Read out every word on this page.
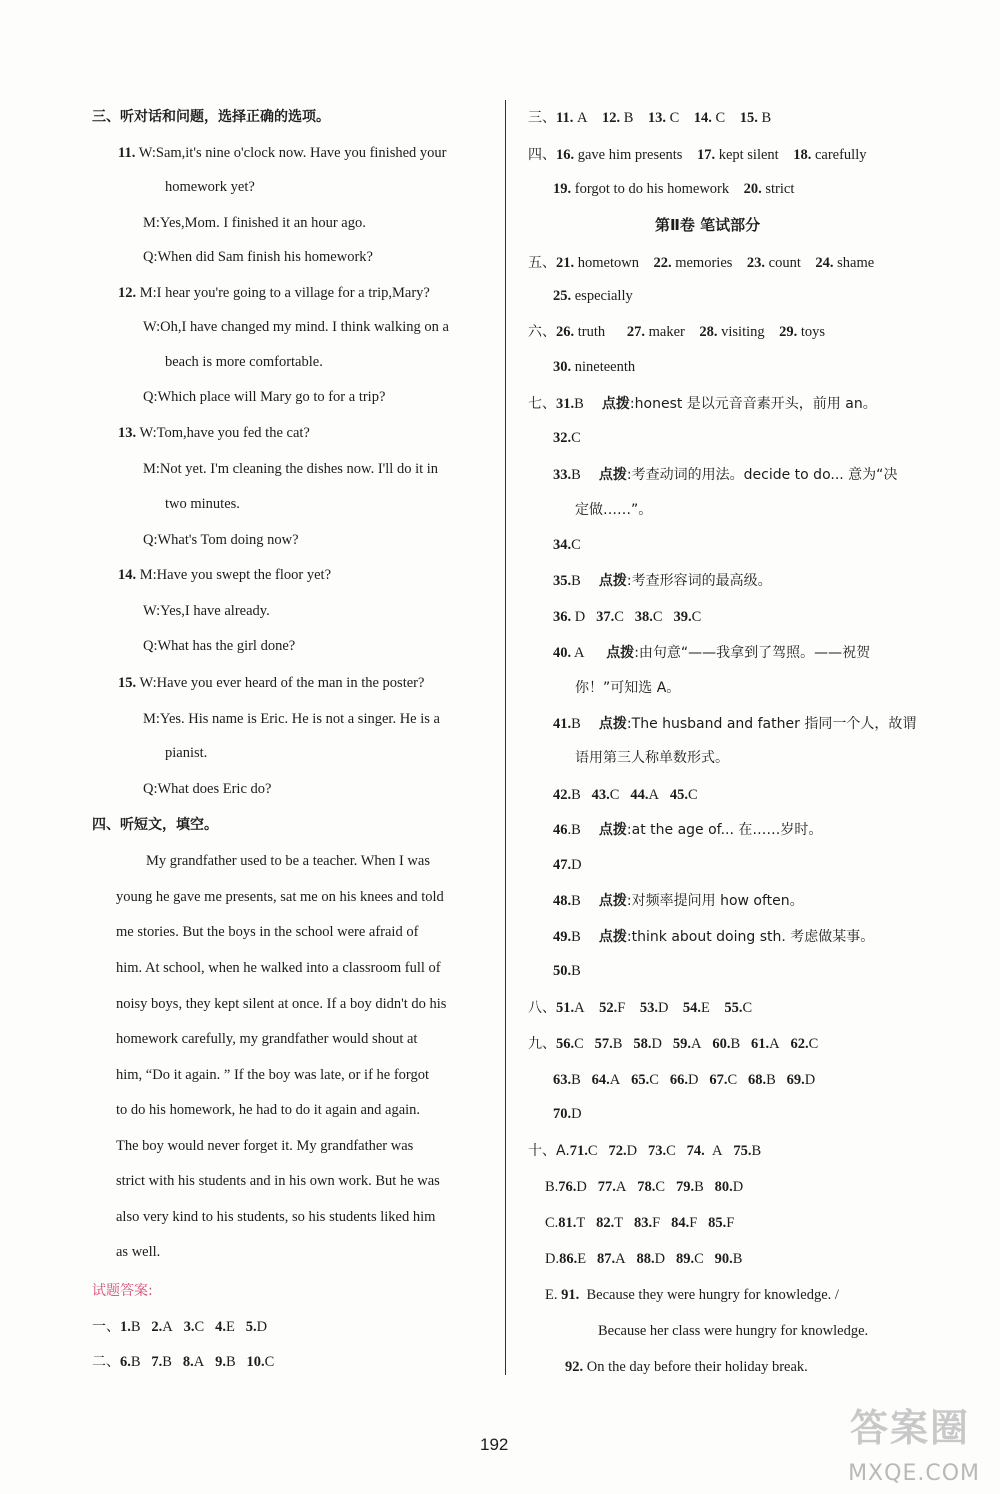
三、听对话和问题，选择正确的选项。
11. W:Sam,it's nine o'clock now. Have you finished your
homework yet?
M:Yes,Mom. I finished it an hour ago.
Q:When did Sam finish his homework?
12. M:I hear you're going to a village for a trip,Mary?
W:Oh,I have changed my mind. I think walking on a
beach is more comfortable.
Q:Which place will Mary go to for a trip?
13. W:Tom,have you fed the cat?
M:Not yet. I'm cleaning the dishes now. I'll do it in
two minutes.
Q:What's Tom doing now?
14. M:Have you swept the floor yet?
W:Yes,I have already.
Q:What has the girl done?
15. W:Have you ever heard of the man in the poster?
M:Yes. His name is Eric. He is not a singer. He is a
pianist.
Q:What does Eric do?
四、听短文，填空。
My grandfather used to be a teacher. When I was
young he gave me presents, sat me on his knees and told
me stories. But the boys in the school were afraid of
him. At school, when he walked into a classroom full of
noisy boys, they kept silent at once. If a boy didn't do his
homework carefully, my grandfather would shout at
him, “Do it again. ” If the boy was late, or if he forgot
to do his homework, he had to do it again and again.
The boy would never forget it. My grandfather was
strict with his students and in his own work. But he was
also very kind to his students, so his students liked him
as well.
试题答案:
一、1.B 2.A 3.C 4.E 5.D
二、6.B 7.B 8.A 9.B 10.C
三、11. A 12. B 13. C 14. C 15. B
四、16. gave him presents 17. kept silent 18. carefully
19. forgot to do his homework 20. strict
第Ⅱ卷 笔试部分
五、21. hometown 22. memories 23. count 24. shame
25. especially
六、26. truth 27. maker 28. visiting 29. toys
30. nineteenth
七、31.B 点拨:honest 是以元音音素开头，前用 an。
32.C
33.B 点拨:考查动词的用法。decide to do... 意为“决
定做……”。
34.C
35.B 点拨:考查形容词的最高级。
36. D 37.C 38.C 39.C
40. A 点拨:由句意“——我拿到了驾照。——祝贺
你！”可知选 A。
41.B 点拨:The husband and father 指同一个人，故谓
语用第三人称单数形式。
42.B 43.C 44.A 45.C
46.B 点拨:at the age of... 在……岁时。
47.D
48.B 点拨:对频率提问用 how often。
49.B 点拨:think about doing sth. 考虑做某事。
50.B
八、51.A 52.F 53.D 54.E 55.C
九、56.C 57.B 58.D 59.A 60.B 61.A 62.C
63.B 64.A 65.C 66.D 67.C 68.B 69.D
70.D
十、A.71.C 72.D 73.C 74. A 75.B
B.76.D 77.A 78.C 79.B 80.D
C.81.T 82.T 83.F 84.F 85.F
D.86.E 87.A 88.D 89.C 90.B
E. 91. Because they were hungry for knowledge. /
Because her class were hungry for knowledge.
92. On the day before their holiday break.
192	答案圈
MXQE.COM
